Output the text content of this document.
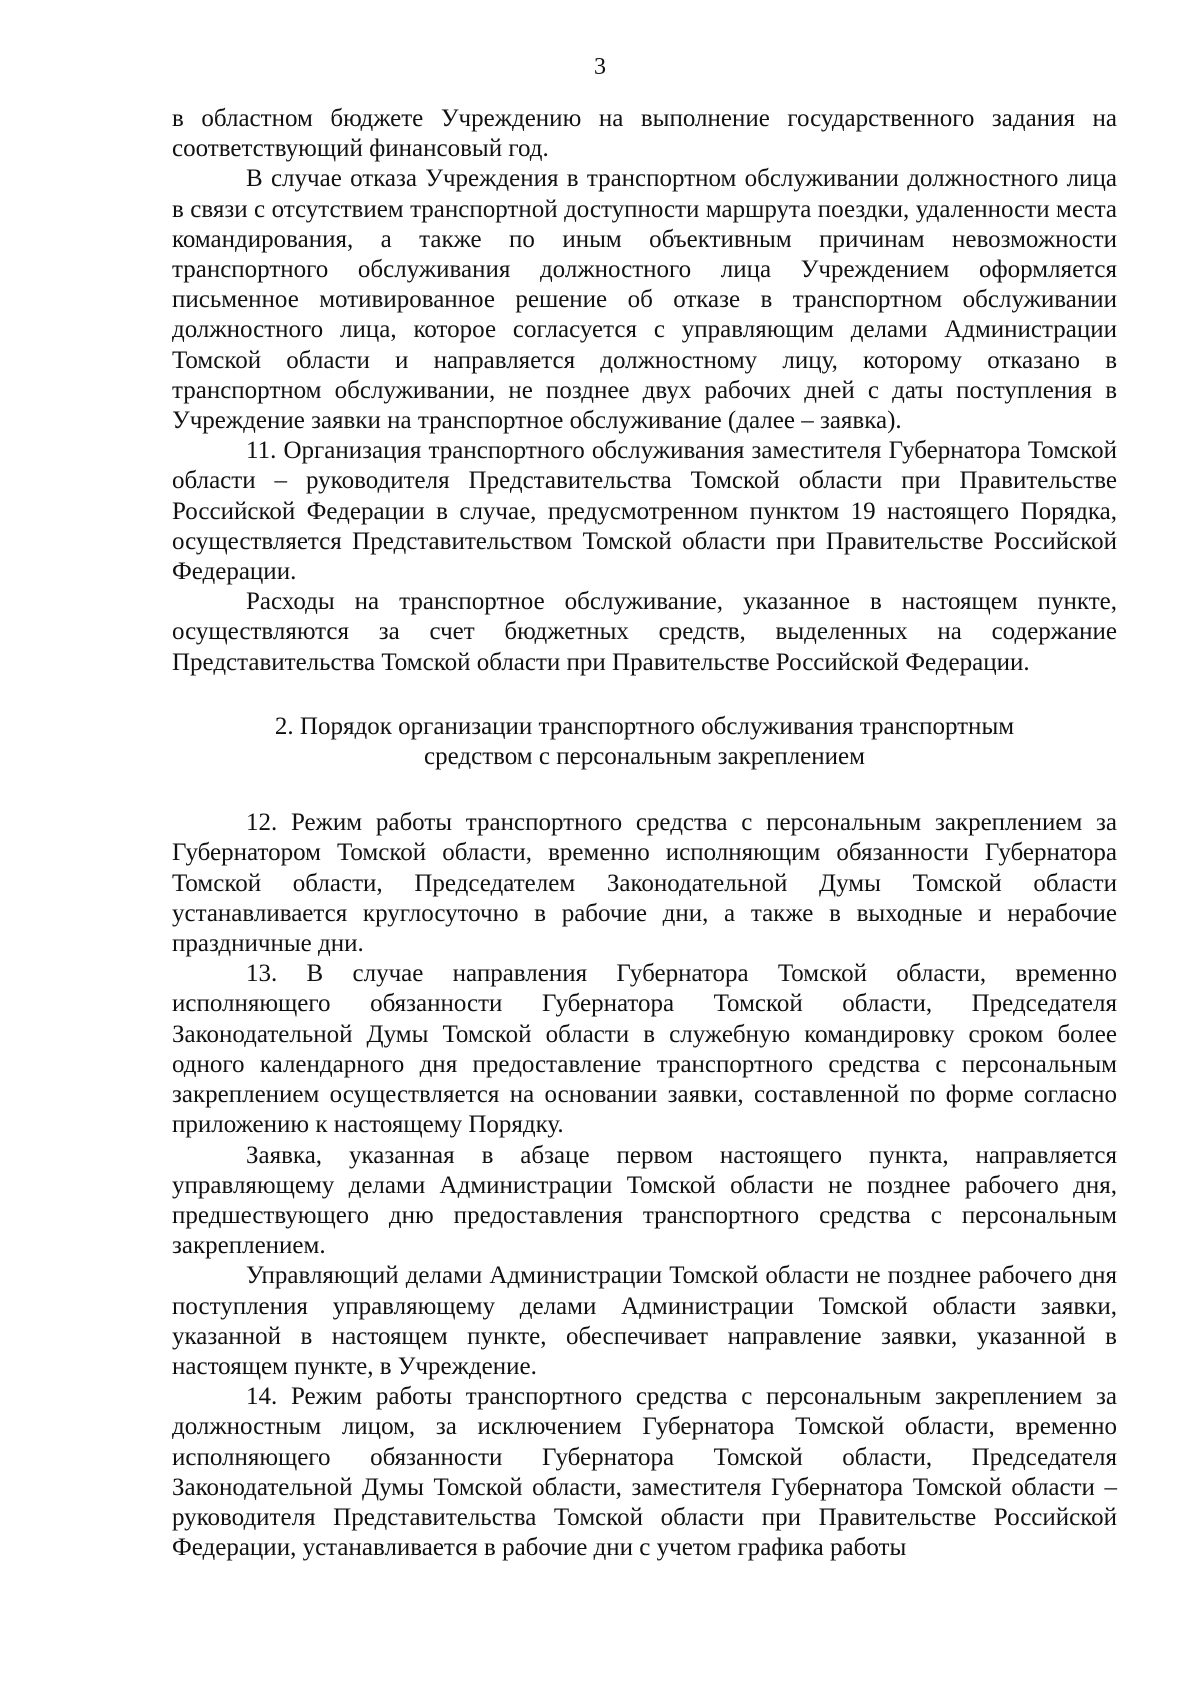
3

в областном бюджете Учреждению на выполнение государственного задания на соответствующий финансовый год.

В случае отказа Учреждения в транспортном обслуживании должностного лица в связи с отсутствием транспортной доступности маршрута поездки, удаленности места командирования, а также по иным объективным причинам невозможности транспортного обслуживания должностного лица Учреждением оформляется письменное мотивированное решение об отказе в транспортном обслуживании должностного лица, которое согласуется с управляющим делами Администрации Томской области и направляется должностному лицу, которому отказано в транспортном обслуживании, не позднее двух рабочих дней с даты поступления в Учреждение заявки на транспортное обслуживание (далее – заявка).

11. Организация транспортного обслуживания заместителя Губернатора Томской области – руководителя Представительства Томской области при Правительстве Российской Федерации в случае, предусмотренном пунктом 19 настоящего Порядка, осуществляется Представительством Томской области при Правительстве Российской Федерации.

Расходы на транспортное обслуживание, указанное в настоящем пункте, осуществляются за счет бюджетных средств, выделенных на содержание Представительства Томской области при Правительстве Российской Федерации.

2. Порядок организации транспортного обслуживания транспортным
средством с персональным закреплением

12. Режим работы транспортного средства с персональным закреплением за Губернатором Томской области, временно исполняющим обязанности Губернатора Томской области, Председателем Законодательной Думы Томской области устанавливается круглосуточно в рабочие дни, а также в выходные и нерабочие праздничные дни.

13. В случае направления Губернатора Томской области, временно исполняющего обязанности Губернатора Томской области, Председателя Законодательной Думы Томской области в служебную командировку сроком более одного календарного дня предоставление транспортного средства с персональным закреплением осуществляется на основании заявки, составленной по форме согласно приложению к настоящему Порядку.

Заявка, указанная в абзаце первом настоящего пункта, направляется управляющему делами Администрации Томской области не позднее рабочего дня, предшествующего дню предоставления транспортного средства с персональным закреплением.

Управляющий делами Администрации Томской области не позднее рабочего дня поступления управляющему делами Администрации Томской области заявки, указанной в настоящем пункте, обеспечивает направление заявки, указанной в настоящем пункте, в Учреждение.

14. Режим работы транспортного средства с персональным закреплением за должностным лицом, за исключением Губернатора Томской области, временно исполняющего обязанности Губернатора Томской области, Председателя Законодательной Думы Томской области, заместителя Губернатора Томской области – руководителя Представительства Томской области при Правительстве Российской Федерации, устанавливается в рабочие дни с учетом графика работы
